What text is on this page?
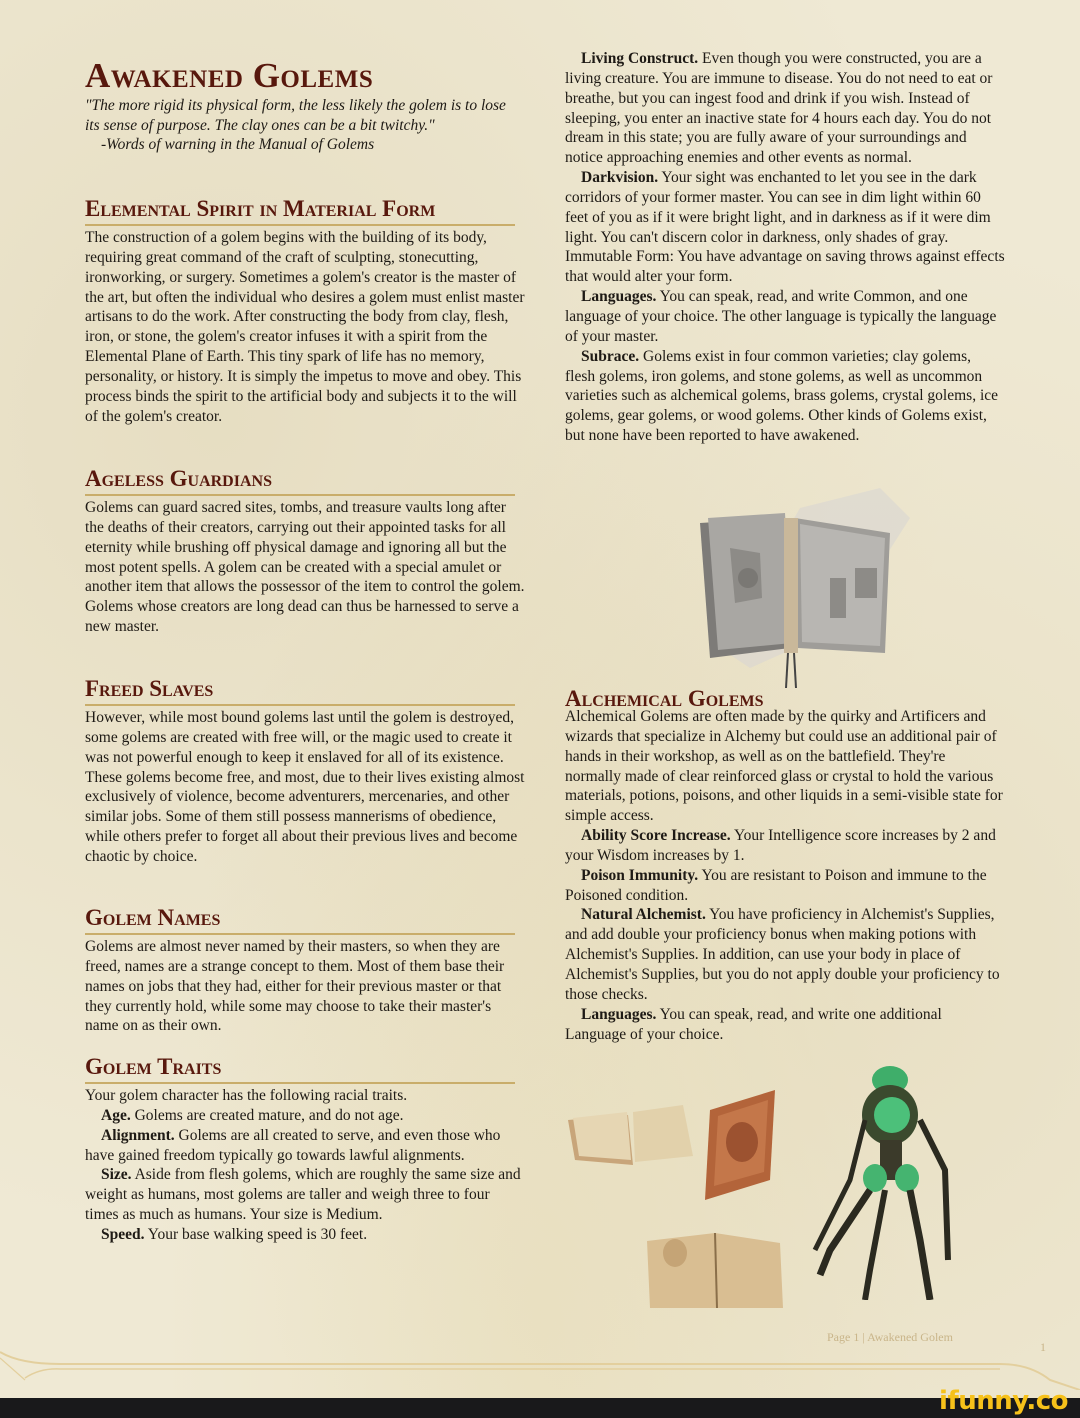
Awakened Golems
"The more rigid its physical form, the less likely the golem is to lose its sense of purpose. The clay ones can be a bit twitchy."
-Words of warning in the Manual of Golems
Elemental Spirit in Material Form
The construction of a golem begins with the building of its body, requiring great command of the craft of sculpting, stonecutting, ironworking, or surgery. Sometimes a golem's creator is the master of the art, but often the individual who desires a golem must enlist master artisans to do the work. After constructing the body from clay, flesh, iron, or stone, the golem's creator infuses it with a spirit from the Elemental Plane of Earth. This tiny spark of life has no memory, personality, or history. It is simply the impetus to move and obey. This process binds the spirit to the artificial body and subjects it to the will of the golem's creator.
Ageless Guardians
Golems can guard sacred sites, tombs, and treasure vaults long after the deaths of their creators, carrying out their appointed tasks for all eternity while brushing off physical damage and ignoring all but the most potent spells. A golem can be created with a special amulet or another item that allows the possessor of the item to control the golem. Golems whose creators are long dead can thus be harnessed to serve a new master.
Freed Slaves
However, while most bound golems last until the golem is destroyed, some golems are created with free will, or the magic used to create it was not powerful enough to keep it enslaved for all of its existence. These golems become free, and most, due to their lives existing almost exclusively of violence, become adventurers, mercenaries, and other similar jobs. Some of them still possess mannerisms of obedience, while others prefer to forget all about their previous lives and become chaotic by choice.
Golem Names
Golems are almost never named by their masters, so when they are freed, names are a strange concept to them. Most of them base their names on jobs that they had, either for their previous master or that they currently hold, while some may choose to take their master's name on as their own.
Golem Traits

Your golem character has the following racial traits.

Age. Golems are created mature, and do not age.

Alignment. Golems are all created to serve, and even those who have gained freedom typically go towards lawful alignments.

Size. Aside from flesh golems, which are roughly the same size and weight as humans, most golems are taller and weigh three to four times as much as humans. Your size is Medium.

Speed. Your base walking speed is 30 feet.

Living Construct. Even though you were constructed, you are a living creature. You are immune to disease. You do not need to eat or breathe, but you can ingest food and drink if you wish. Instead of sleeping, you enter an inactive state for 4 hours each day. You do not dream in this state; you are fully aware of your surroundings and notice approaching enemies and other events as normal.

Darkvision. Your sight was enchanted to let you see in the dark corridors of your former master. You can see in dim light within 60 feet of you as if it were bright light, and in darkness as if it were dim light. You can't discern color in darkness, only shades of gray. Immutable Form: You have advantage on saving throws against effects that would alter your form.

Languages. You can speak, read, and write Common, and one language of your choice. The other language is typically the language of your master.

Subrace. Golems exist in four common varieties; clay golems, flesh golems, iron golems, and stone golems, as well as uncommon varieties such as alchemical golems, brass golems, crystal golems, ice golems, gear golems, or wood golems. Other kinds of Golems exist, but none have been reported to have awakened.

Alchemical Golems

Alchemical Golems are often made by the quirky and Artificers and wizards that specialize in Alchemy but could use an additional pair of hands in their workshop, as well as on the battlefield. They're normally made of clear reinforced glass or crystal to hold the various materials, potions, poisons, and other liquids in a semi-visible state for simple access.

Ability Score Increase. Your Intelligence score increases by 2 and your Wisdom increases by 1.

Poison Immunity. You are resistant to Poison and immune to the Poisoned condition.

Natural Alchemist. You have proficiency in Alchemist's Supplies, and add double your proficiency bonus when making potions with Alchemist's Supplies. In addition, can use your body in place of Alchemist's Supplies, but you do not apply double your proficiency to those checks.

Languages. You can speak, read, and write one additional Language of your choice.

Page 1 | Awakened Golem
1
ifunny.co
